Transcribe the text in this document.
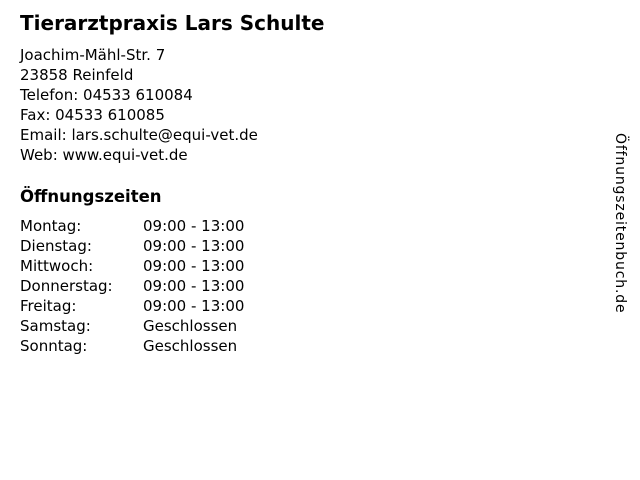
Tierarztpraxis Lars Schulte
Joachim-Mähl-Str. 7
23858 Reinfeld
Telefon: 04533 610084
Fax: 04533 610085
Email: lars.schulte@equi-vet.de
Web: www.equi-vet.de
Öffnungszeiten
Montag:	09:00 - 13:00
Dienstag:	09:00 - 13:00
Mittwoch:	09:00 - 13:00
Donnerstag:	09:00 - 13:00
Freitag:	09:00 - 13:00
Samstag:	Geschlossen
Sonntag:	Geschlossen
Öffnungszeitenbuch.de
